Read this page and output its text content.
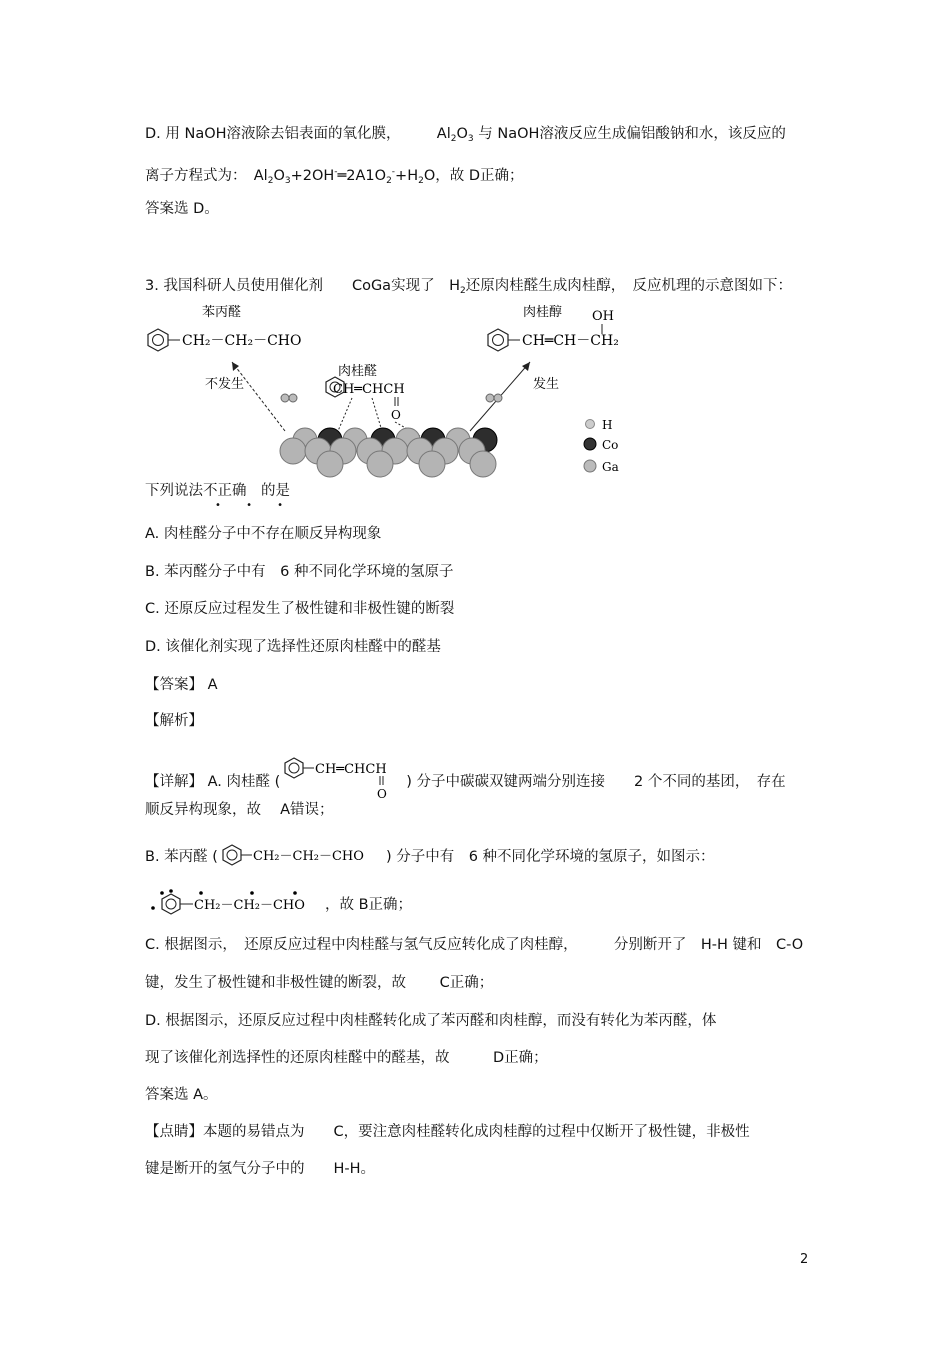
D. 用 NaOH溶液除去铝表面的氧化膜，　　　	$Al_2O_3$ 与 NaOH溶液反应生成偏铝酸钠和水，该反应的
离子方程式为：　 $Al_2O_3+2OH^-═2A1O_2^-+H_2O$，故 D正确；
答案选 D。
3. 我国科研人员使用催化剂　　 CoGa实现了　 $H_2$还原肉桂醛生成肉桂醇，　 反应机理的示意图如下：
苯丙醛
CH₂－CH₂－CHO
肉桂醇 OH
CH═CH－CH₂
不发生	发生
肉桂醛
CH═CHCH
O
H
Co
Ga
下列说法不正确　的是
• • •
A. 肉桂醛分子中不存在顺反异构现象
B. 苯丙醛分子中有　6 种不同化学环境的氢原子
C. 还原反应过程发生了极性键和非极性键的断裂
D. 该催化剂实现了选择性还原肉桂醛中的醛基
【答案】 A
【解析】
【详解】 A. 肉桂醛 (
CH═CHCH
O
) 分子中碳碳双键两端分别连接　　2 个不同的基团，　存在
顺反异构现象，故　 A错误；
B. 苯丙醛 (	CH₂－CH₂－CHO ) 分子中有　6 种不同化学环境的氢原子，如图示：
CH₂－CH₂－CHO ，故 B正确；
C. 根据图示，　还原反应过程中肉桂醛与氢气反应转化成了肉桂醇，　　　分别断开了　H-H 键和　C-O
键，发生了极性键和非极性键的断裂，故　　 C正确；
D. 根据图示，还原反应过程中肉桂醛转化成了苯丙醛和肉桂醇，而没有转化为苯丙醛，体
现了该催化剂选择性的还原肉桂醛中的醛基，故　　　D正确；
答案选 A。
【点睛】本题的易错点为　　C，要注意肉桂醛转化成肉桂醇的过程中仅断开了极性键，非极性
键是断开的氢气分子中的　　H-H。
2
